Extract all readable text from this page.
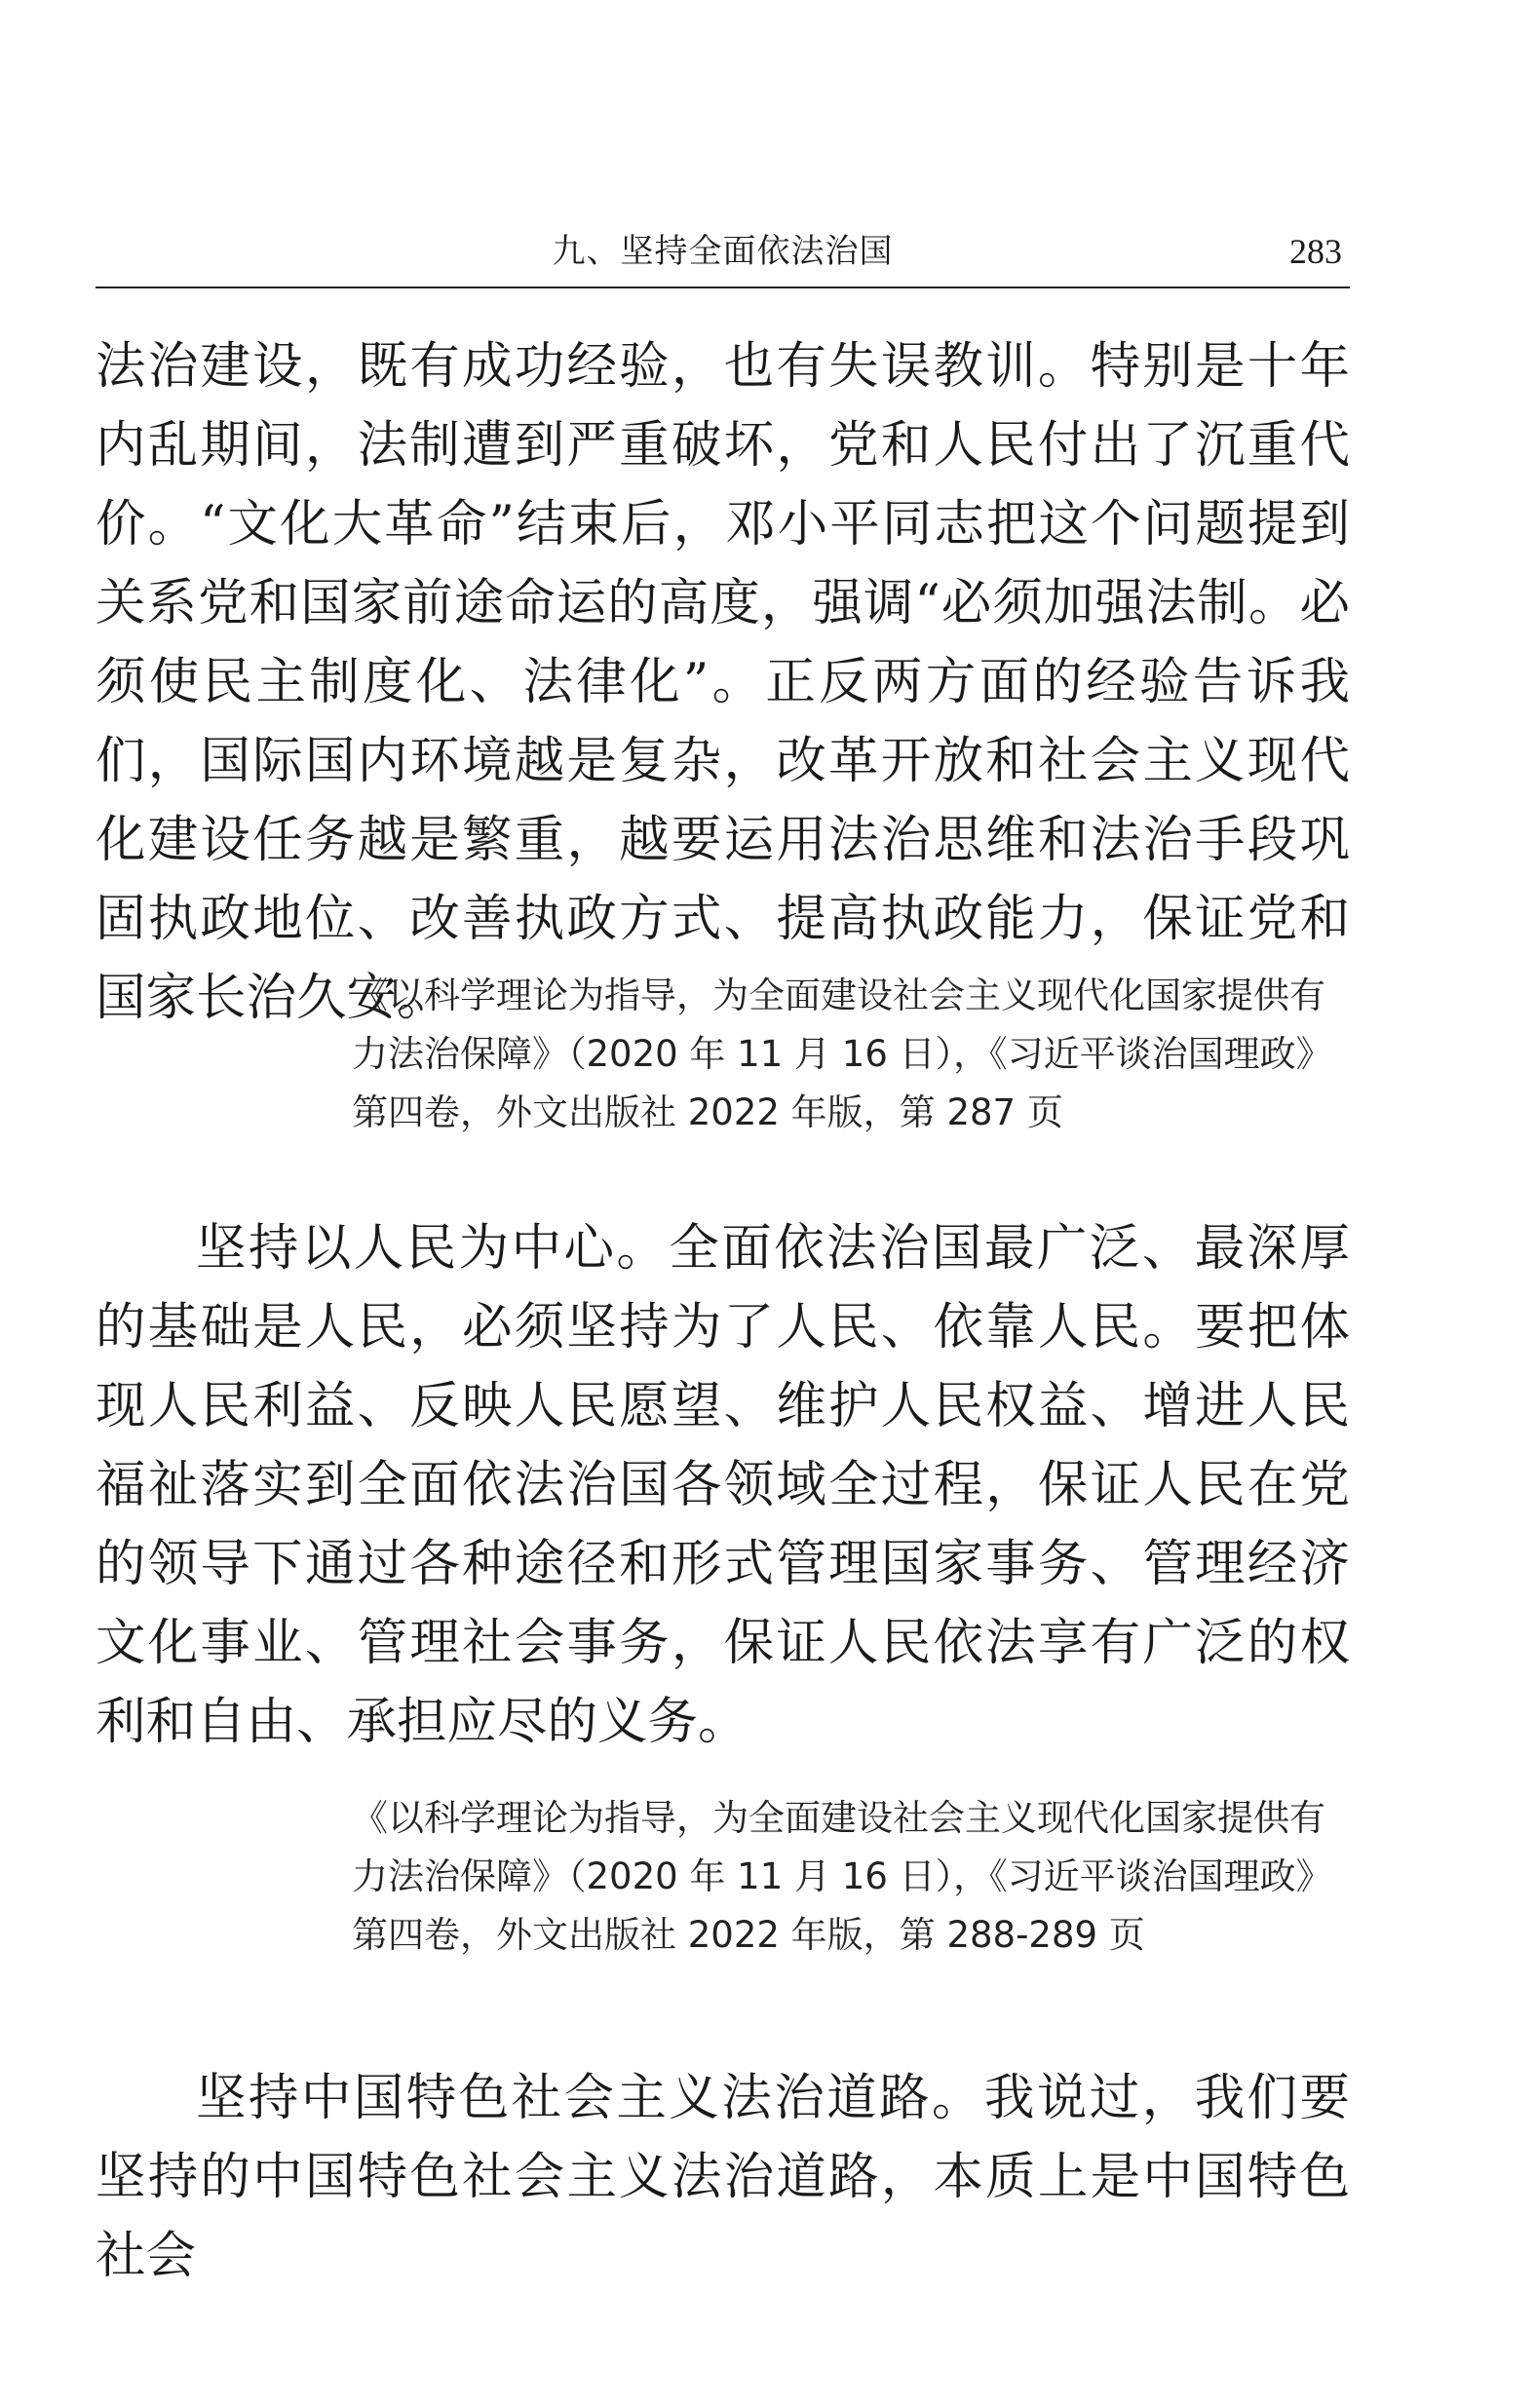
九、坚持全面依法治国	283

法治建设，既有成功经验，也有失误教训。特别是十年内乱期间，法制遭到严重破坏，党和人民付出了沉重代价。“文化大革命”结束后，邓小平同志把这个问题提到关系党和国家前途命运的高度，强调“必须加强法制。必须使民主制度化、法律化”。正反两方面的经验告诉我们，国际国内环境越是复杂，改革开放和社会主义现代化建设任务越是繁重，越要运用法治思维和法治手段巩固执政地位、改善执政方式、提高执政能力，保证党和国家长治久安。

《以科学理论为指导，为全面建设社会主义现代化国家提供有力法治保障》（2020 年 11 月 16 日），《习近平谈治国理政》第四卷，外文出版社 2022 年版，第 287 页

坚持以人民为中心。全面依法治国最广泛、最深厚的基础是人民，必须坚持为了人民、依靠人民。要把体现人民利益、反映人民愿望、维护人民权益、增进人民福祉落实到全面依法治国各领域全过程，保证人民在党的领导下通过各种途径和形式管理国家事务、管理经济文化事业、管理社会事务，保证人民依法享有广泛的权利和自由、承担应尽的义务。

《以科学理论为指导，为全面建设社会主义现代化国家提供有力法治保障》（2020 年 11 月 16 日），《习近平谈治国理政》第四卷，外文出版社 2022 年版，第 288-289 页

坚持中国特色社会主义法治道路。我说过，我们要坚持的中国特色社会主义法治道路，本质上是中国特色社会
